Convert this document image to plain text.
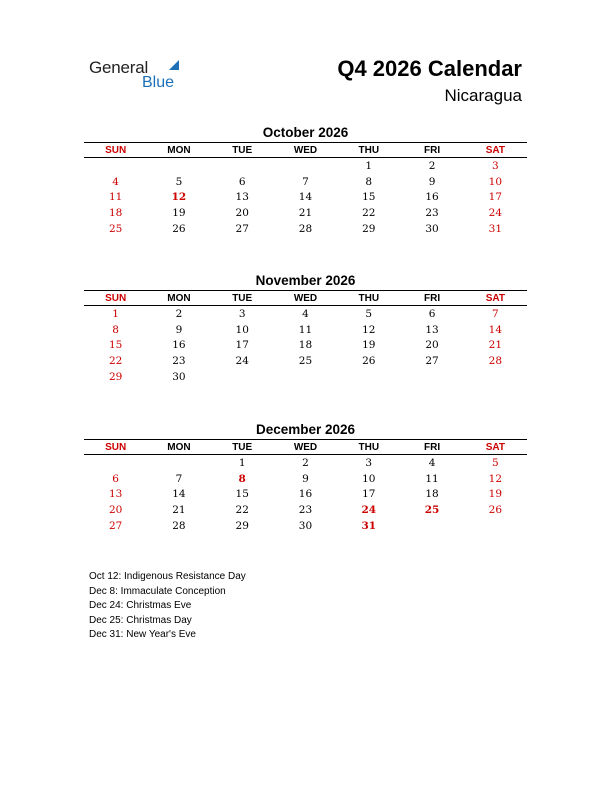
General
Blue
Q4 2026 Calendar
Nicaragua
October 2026
SUN	MON	TUE	WED	THU	FRI	SAT

				1	2	3
4	5	6	7	8	9	10
11	12	13	14	15	16	17
18	19	20	21	22	23	24
25	26	27	28	29	30	31
November 2026
SUN	MON	TUE	WED	THU	FRI	SAT

1	2	3	4	5	6	7
8	9	10	11	12	13	14
15	16	17	18	19	20	21
22	23	24	25	26	27	28
29	30					
December 2026
SUN	MON	TUE	WED	THU	FRI	SAT

		1	2	3	4	5
6	7	8	9	10	11	12
13	14	15	16	17	18	19
20	21	22	23	24	25	26
27	28	29	30	31		
Oct 12: Indigenous Resistance Day
Dec 8: Immaculate Conception
Dec 24: Christmas Eve
Dec 25: Christmas Day
Dec 31: New Year's Eve
